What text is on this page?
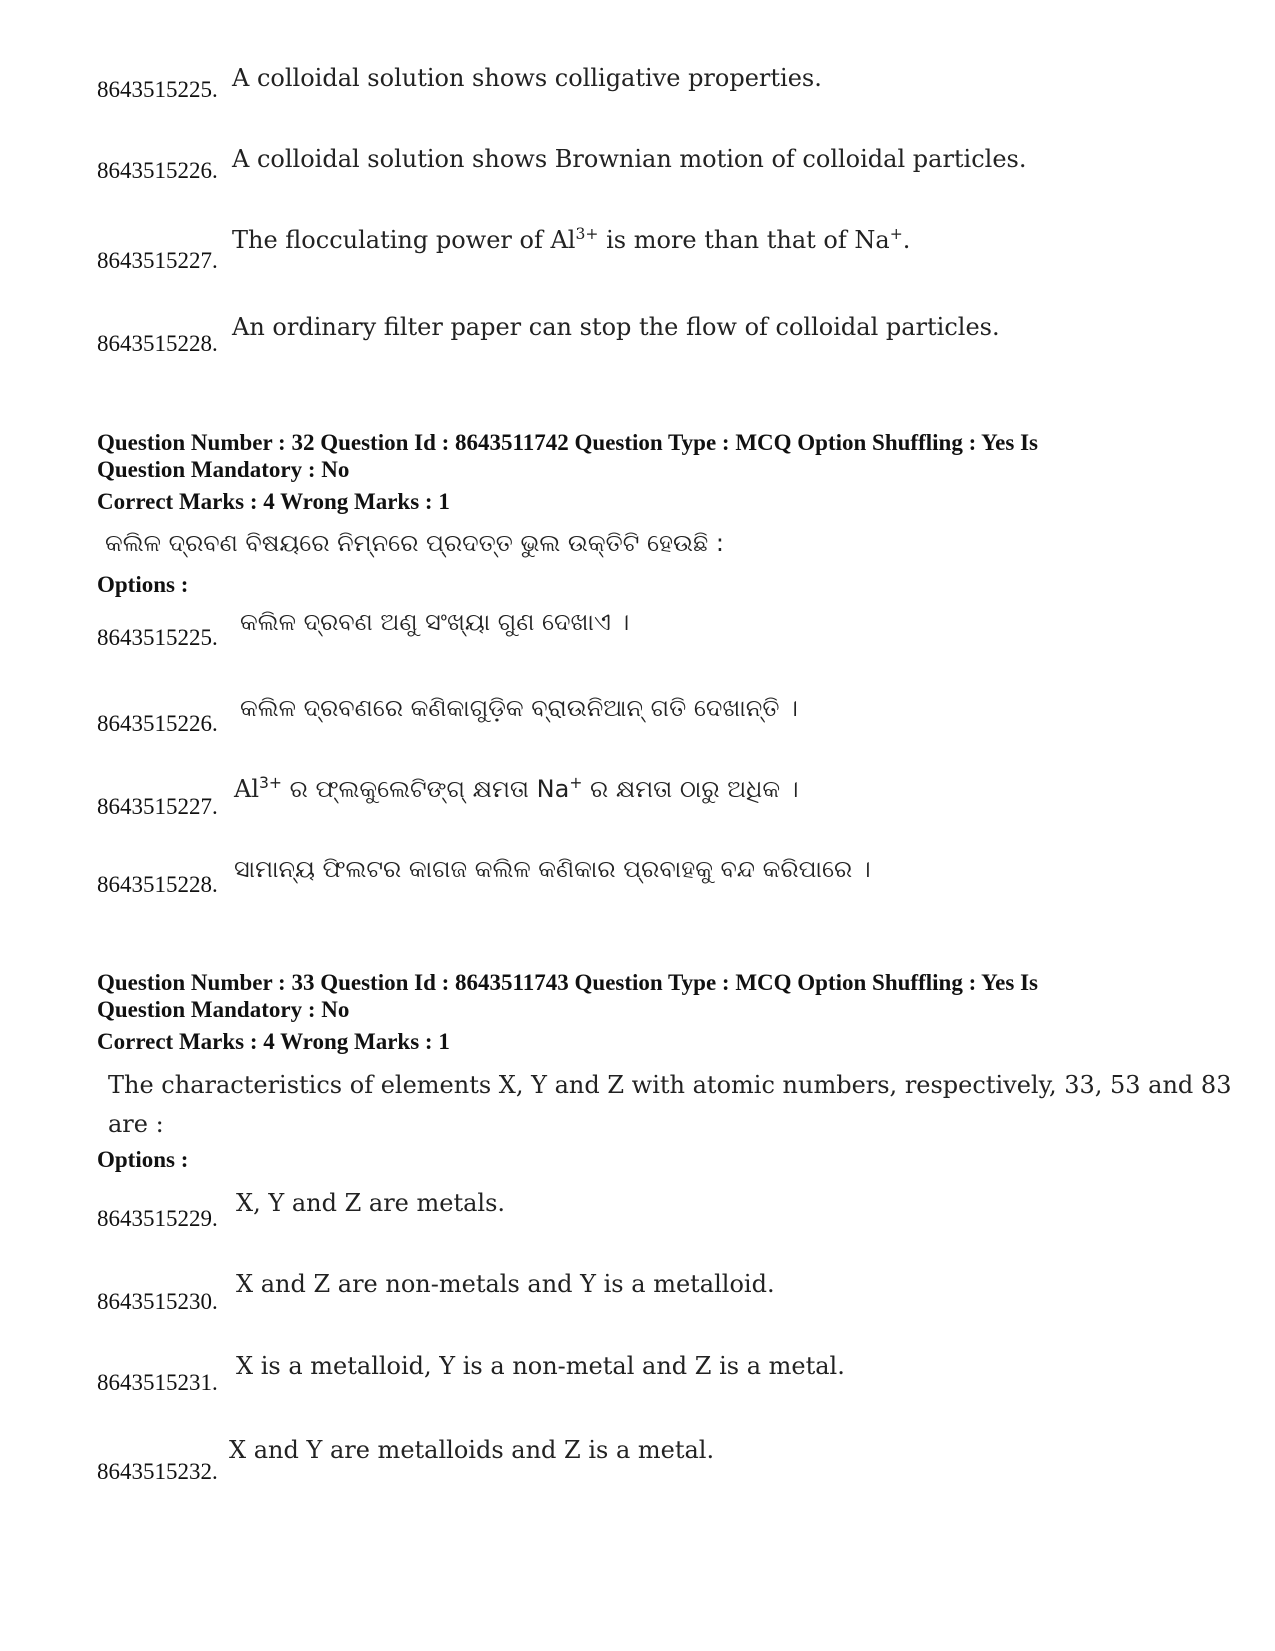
8643515225. A colloidal solution shows colligative properties.
8643515226. A colloidal solution shows Brownian motion of colloidal particles.
8643515227.
The flocculating power of $Al^{3+}$ is more than that of Na+.
8643515228.
An ordinary filter paper can stop the flow of colloidal particles.
Question Number : 32 Question Id : 8643511742 Question Type : MCQ Option Shuffling : Yes Is
Question Mandatory : No
Correct Marks : 4 Wrong Marks : 1
କଲିଳ ଦ୍ରବଣ ବିଷୟରେ ନିମ୍ନରେ ପ୍ରଦତ୍ତ ଭୁଲ ଉକ୍ତିଟି ହେଉଛି :
Options :
8643515225.
କଲିଳ ଦ୍ରବଣ ଅଣୁ ସଂଖ୍ୟା ଗୁଣ ଦେଖାଏ ।
8643515226.
କଲିଳ ଦ୍ରବଣରେ କଣିକାଗୁଡ଼ିକ ବ୍ରାଉନିଆନ୍ ଗତି ଦେଖାନ୍ତି ।
8643515227.
$Al^{3+}$ ର ଫ୍ଲକୁଲେଟିଙ୍ଗ୍ କ୍ଷମତା Na+ ର କ୍ଷମତା ଠାରୁ ଅଧିକ ।
8643515228.
ସାମାନ୍ୟ ଫିଲଟର କାଗଜ କଲିଳ କଣିକାର ପ୍ରବାହକୁ ବନ୍ଦ କରିପାରେ ।
Question Number : 33 Question Id : 8643511743 Question Type : MCQ Option Shuffling : Yes Is
Question Mandatory : No
Correct Marks : 4 Wrong Marks : 1
The characteristics of elements X, Y and Z with atomic numbers, respectively, 33, 53 and 83
are :
Options :
8643515229.
X, Y and Z are metals.
8643515230.
X and Z are non-metals and Y is a metalloid.
8643515231.
X is a metalloid, Y is a non-metal and Z is a metal.
8643515232.
X and Y are metalloids and Z is a metal.
